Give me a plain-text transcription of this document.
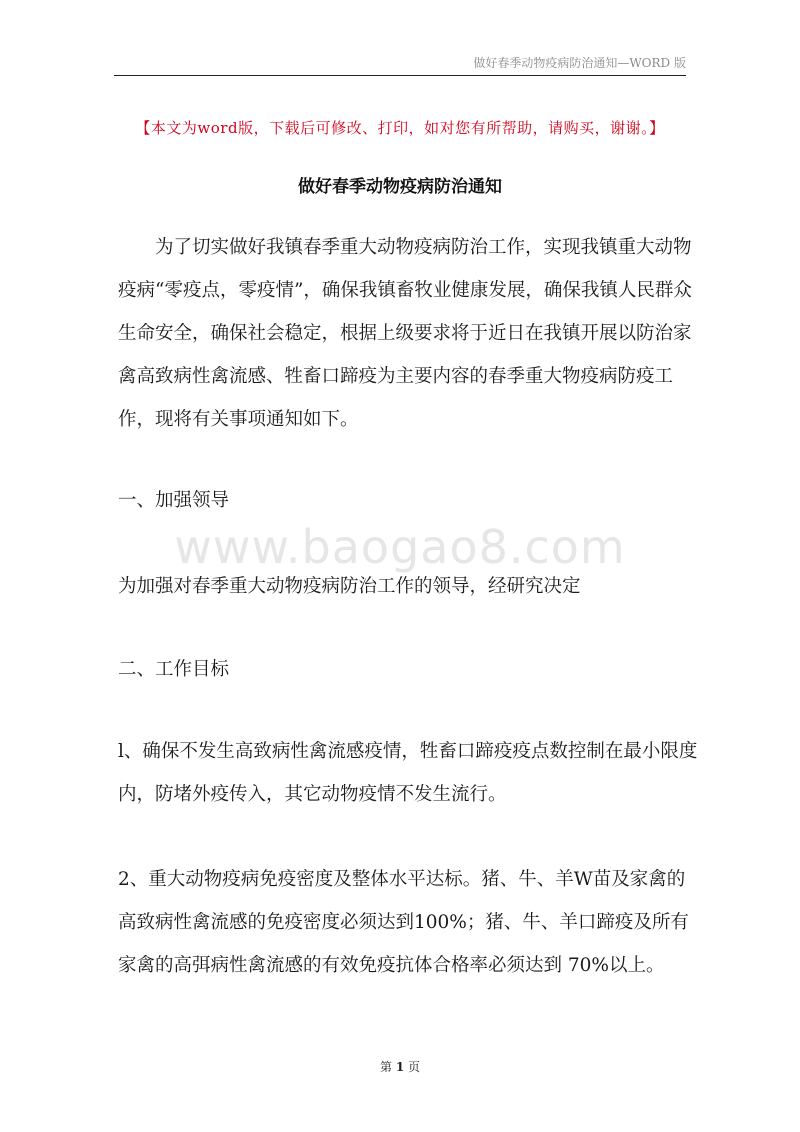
做好春季动物疫病防治通知—WORD 版
【本文为word版，下载后可修改、打印，如对您有所帮助，请购买，谢谢。】
做好春季动物疫病防治通知

为了切实做好我镇春季重大动物疫病防治工作，实现我镇重大动物疫病“零疫点，零疫情”，确保我镇畜牧业健康发展，确保我镇人民群众生命安全，确保社会稳定，根据上级要求将于近日在我镇开展以防治家禽高致病性禽流感、牲畜口蹄疫为主要内容的春季重大物疫病防疫工作，现将有关事项通知如下。

一、加强领导
www.baogao8.com

为加强对春季重大动物疫病防治工作的领导，经研究决定

二、工作目标

l、确保不发生高致病性禽流感疫情，牲畜口蹄疫疫点数控制在最小限度内，防堵外疫传入，其它动物疫情不发生流行。

2、重大动物疫病免疫密度及整体水平达标。猪、牛、羊W苗及家禽的高致病性禽流感的免疫密度必须达到100%；猪、牛、羊口蹄疫及所有家禽的高弭病性禽流感的有效免疫抗体合格率必须达到 70%以上。

第 1 页
